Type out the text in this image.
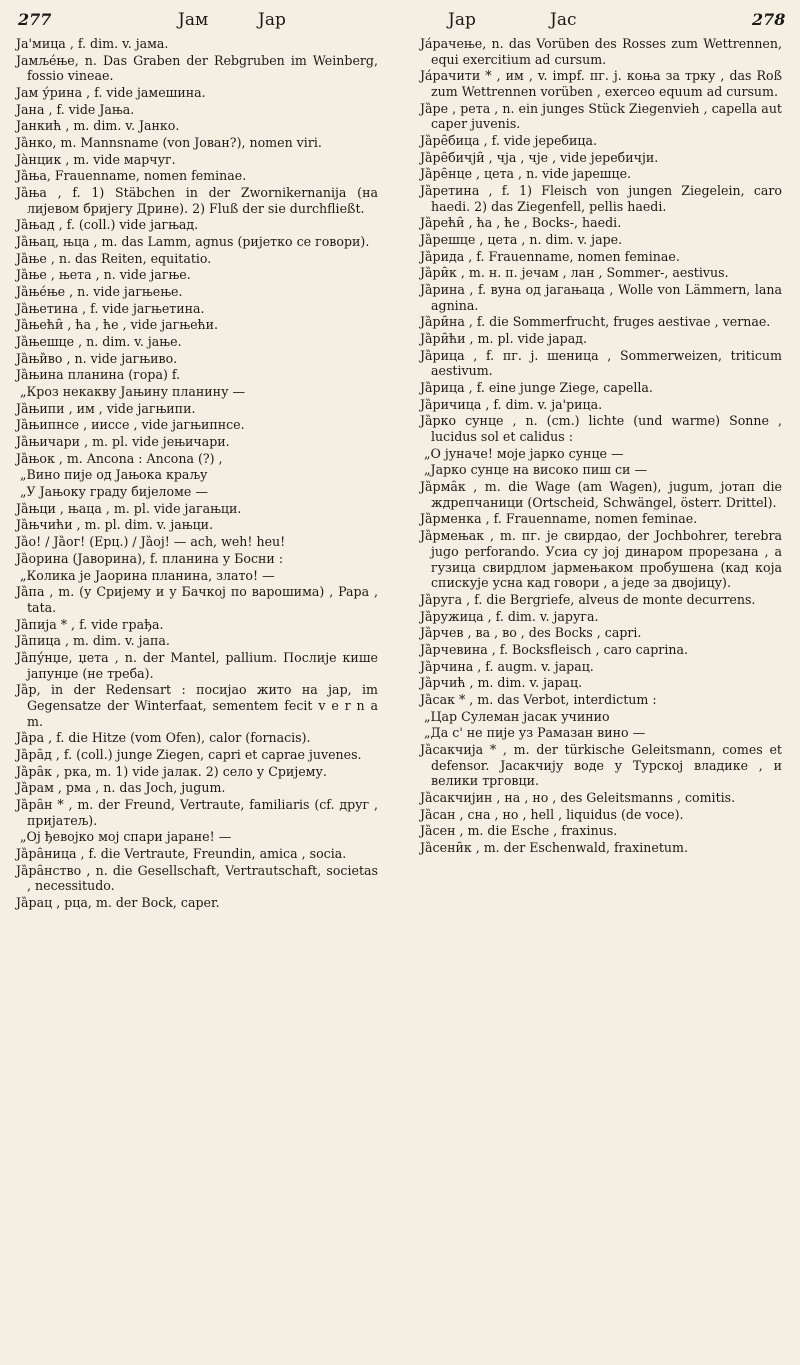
277	Јам	Јар	Јар	Јас	278

Ја'мица , f. dim. v. јама.

Јамље́ње, n. Das Graben der Rebgruben im Weinberg, fossio vineae.

Јам у́рина , f. vide јамешина.

Јана , f. vide Јања.

Јанкић , m. dim. v. Јанко.

Ја̏нко, m. Mannsname (von Јован?), nomen viri.

Ја̀нцик , m. vide марчуг.

Ја̏ња, Frauenname, nomen feminae.

Ја̏ња , f. 1) Stäbchen in der Zwornikernanija (на лијевом бријегу Дрине). 2) Fluß der sie durchfließt.

Ја̏њад , f. (coll.) vide јагњад.

Ја̏њац, њца , m. das Lamm, agnus (ријетко се говори).

Ја̏ње , n. das Reiten, equitatio.

Ја̏ње , њета , n. vide јагње.

Ја̏ње́ње , n. vide јагњење.

Ја̏њетина , f. vide јагњетина.

Ја̏њећи̑ , ћа , ће , vide јагњећи.

Ја̏њешце , n. dim. v. јање.

Ја̏њи̏во , n. vide јагњиво.

Ја̏њина планина (гора) f.

„Кроз некакву Јањину планину —

Ја̏њипи , им , vide јагњипи.

Ја̏њипнсе , ииссе , vide јагњипнсе.

Ја̏њичари , m. pl. vide јењичари.

Ја̏њок , m. Ancona : Ancona (?) ,

„Вино пије од Јањока краљу

„У Јањоку граду бијеломе —

Ја̏њци , њаца , m. pl. vide јагањци.

Ја̏њчићи , m. pl. dim. v. јањци.

Ја̏о! / Ја̏ог! (Ерц.) / Ја̏ој! — ach, weh! heu!

Ја̏орина (Јаворина), f. планина у Босни :

„Колика је Јаорина планина, злато! —

Ја̏па , m. (у Сријему и у Бачкој по варошима) , Papa , tata.

Ја̏пија * , f. vide грађа.

Ја̏пица , m. dim. v. јапа.

Ја̏пу́нџе, џета , n. der Mantel, pallium. Послије кише јапунџе (не треба).

Ја̏р, in der Redensart : посијао жито на јар, im Gegensatze der Winterfaat, sementem fecit v e r n a m.

Ја̏ра , f. die Hitze (vom Ofen), calor (fornacis).

Ја̏ра̑д , f. (coll.) junge Ziegen, capri et caprae juvenes.

Ја̏ра̑к , рка, m. 1) vide јалак. 2) село у Сријему.

Ја̏рам , рма , n. das Joch, jugum.

Ја̏ра̑н * , m. der Freund, Vertraute, familiaris (cf. друг , пријатељ).

„Oj ђевојко мој спари јаране! —

Ја̏ра̑ница , f. die Vertraute, Freundin, amica , socia.

Ја̏ра̑нство , n. die Gesellschaft, Vertrautschaft, societas , necessitudo.

Ја̏рац , рца, m. der Bock, caper.

Ја́рачење, n. das Vorüben des Rosses zum Wettrennen, equi exercitium ad cursum.

Ја́рачити * , им , v. impf. пг. ј. коња за трку , das Roß zum Wettrennen vorüben , exerceo equum ad cursum.

Ја̏ре , рета , n. ein junges Stück Ziegenvieh , capella aut caper juvenis.

Ја̏ре̑бица , f. vide јеребица.

Ја̏ре̑бичји̑ , чја , чје , vide јеребичји.

Ја̏ре̑нце , цета , n. vide јарешце.

Ја̏ретина , f. 1) Fleisch von jungen Ziegelein, caro haedi. 2) das Ziegenfell, pellis haedi.

Ја̏рећи̑ , ћа , ће , Bocks-, haedi.

Ја̏решце , цета , n. dim. v. jape.

Ја̏рида , f. Frauenname, nomen feminae.

Ја̏ри̑к , m. н. п. јечам , лан , Sommer-, aestivus.

Ја̏рина , f. вуна од јагањаца , Wolle von Lämmern, lana agnina.

Ја̏ри̑на , f. die Sommerfrucht, fruges aestivae , vernae.

Ја̏ри̑ћи , m. pl. vide јарад.

Ја̏рица , f. пг. ј. шеница , Sommerweizen, triticum aestivum.

Ја̏рица , f. eine junge Ziege, capella.

Ја̏ричица , f. dim. v. ја'рица.

Ја̏рко сунце , n. (cm.) lichte (und warme) Sonne , lucidus sol et calidus :

„О јуначе! моје јарко сунце —

„Јарко сунце на високо пиш си —

Ја̏рма̑к , m. die Wage (am Wagen), jugum, јотап die ждрепчаници (Ortscheid, Schwängel, österr. Drittel).

Ја̏рменка , f. Frauenname, nomen feminae.

Ја̏рмењак , m. пг. је свирдао, der Jochbohrer, terebra jugo perforando. Усиа су јој динаром прорезана , а гузица свирдлом јармењаком пробушена (кад која спискује усна кад говори , а једе за двојицу).

Ја̏руга , f. die Bergriefe, alveus de monte decurrens.

Ја̏ружица , f. dim. v. јаруга.

Ја̏рчев , ва , во , des Bocks , capri.

Ја̏рчевина , f. Bocksfleisch , caro caprina.

Ја̏рчина , f. augm. v. јарац.

Ја̏рчић , m. dim. v. јарац.

Ја̏сак * , m. das Verbot, interdictum :

„Цар Сулеман јасак учинио

„Да с' не пије уз Рамазан вино —

Ја̏сакчија * , m. der türkische Geleitsmann, comes et defensor. Јасакчију воде у Турској владике , и велики трговци.

Ја̏сакчијин , на , но , des Geleitsmanns , comitis.

Ја̏сан , сна , но , hell , liquidus (de voce).

Ја̏сен , m. die Esche , fraxinus.

Ја̏сени̑к , m. der Eschenwald, fraxinetum.
